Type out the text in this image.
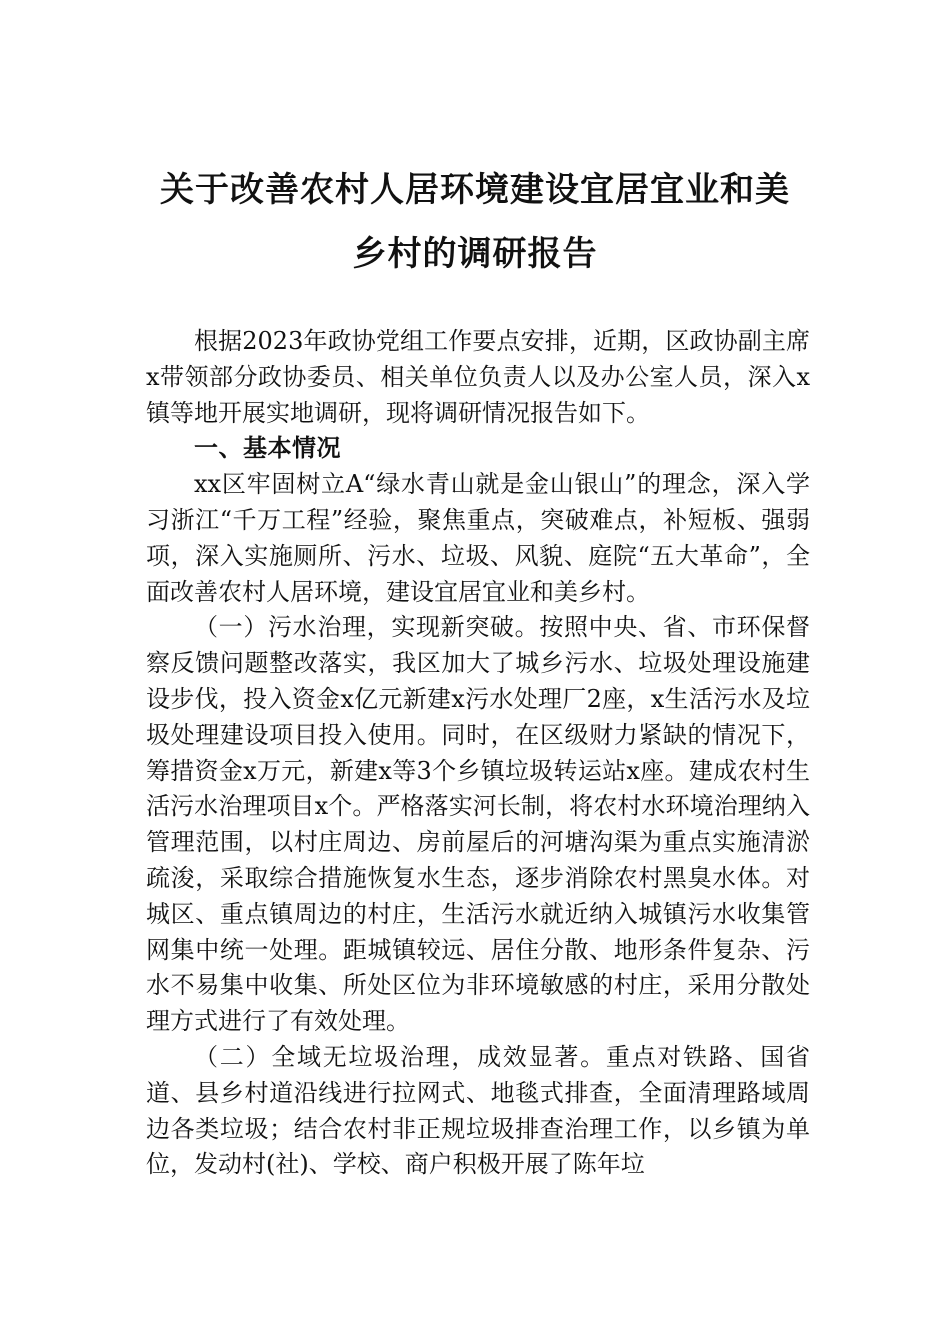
关于改善农村人居环境建设宜居宜业和美
乡村的调研报告

根据2023年政协党组工作要点安排，近期，区政协副主席x带领部分政协委员、相关单位负责人以及办公室人员，深入x镇等地开展实地调研，现将调研情况报告如下。

一、基本情况

xx区牢固树立A“绿水青山就是金山银山”的理念，深入学习浙江“千万工程”经验，聚焦重点，突破难点，补短板、强弱项，深入实施厕所、污水、垃圾、风貌、庭院“五大革命”，全面改善农村人居环境，建设宜居宜业和美乡村。

（一）污水治理，实现新突破。按照中央、省、市环保督察反馈问题整改落实，我区加大了城乡污水、垃圾处理设施建设步伐，投入资金x亿元新建x污水处理厂2座，x生活污水及垃圾处理建设项目投入使用。同时，在区级财力紧缺的情况下，筹措资金x万元，新建x等3个乡镇垃圾转运站x座。建成农村生活污水治理项目x个。严格落实河长制，将农村水环境治理纳入管理范围，以村庄周边、房前屋后的河塘沟渠为重点实施清淤疏浚，采取综合措施恢复水生态，逐步消除农村黑臭水体。对城区、重点镇周边的村庄，生活污水就近纳入城镇污水收集管网集中统一处理。距城镇较远、居住分散、地形条件复杂、污水不易集中收集、所处区位为非环境敏感的村庄，采用分散处理方式进行了有效处理。

（二）全域无垃圾治理，成效显著。重点对铁路、国省道、县乡村道沿线进行拉网式、地毯式排查，全面清理路域周边各类垃圾；结合农村非正规垃圾排查治理工作，以乡镇为单位，发动村(社)、学校、商户积极开展了陈年垃
